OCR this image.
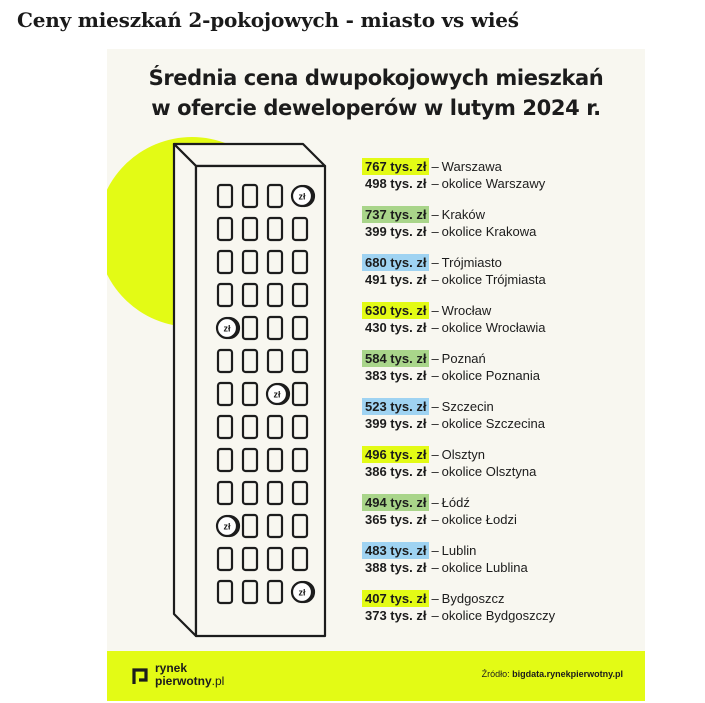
Ceny mieszkań 2-pokojowych - miasto vs wieś
zł
zł
zł
zł
zł
Średnia cena dwupokojowych mieszkań
w ofercie deweloperów w lutym 2024 r.
767 tys. zł – Warszawa
498 tys. zł – okolice Warszawy
737 tys. zł – Kraków
399 tys. zł – okolice Krakowa
680 tys. zł – Trójmiasto
491 tys. zł – okolice Trójmiasta
630 tys. zł – Wrocław
430 tys. zł – okolice Wrocławia
584 tys. zł – Poznań
383 tys. zł – okolice Poznania
523 tys. zł – Szczecin
399 tys. zł – okolice Szczecina
496 tys. zł – Olsztyn
386 tys. zł – okolice Olsztyna
494 tys. zł – Łódź
365 tys. zł – okolice Łodzi
483 tys. zł – Lublin
388 tys. zł – okolice Lublina
407 tys. zł – Bydgoszcz
373 tys. zł – okolice Bydgoszczy
rynek
pierwotny.pl	Źródło: bigdata.rynekpierwotny.pl
